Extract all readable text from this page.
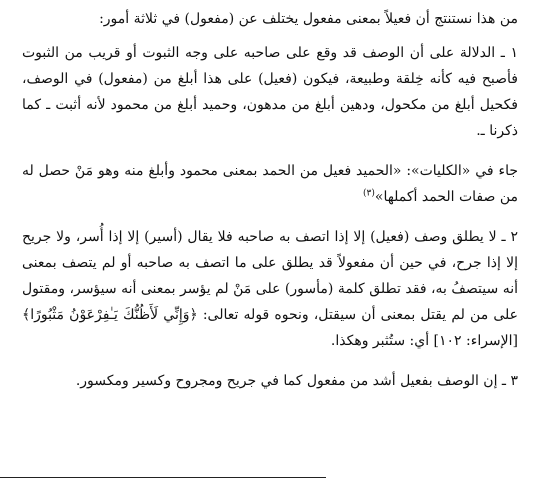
من هذا نستنتج أن فعيلاً بمعنى مفعول يختلف عن (مفعول) في ثلاثة أمور:

١ ـ الدلالة على أن الوصف قد وقع على صاحبه على وجه الثبوت أو قريب من الثبوت فأصبح فيه كأنه خِلقة وطبيعة، فيكون (فعيل) على هذا أبلغ من (مفعول) في الوصف، فكحيل أبلغ من مكحول، ودهين أبلغ من مدهون، وحميد أبلغ من محمود لأنه أثبت ـ كما ذكرنا ـ.

جاء في «الكليات»: «الحميد فعيل من الحمد بمعنى محمود وأبلغ منه وهو مَنْ حصل له من صفات الحمد أكملها»$^{(٣)}$

٢ ـ لا يطلق وصف (فعيل) إلا إذا اتصف به صاحبه فلا يقال (أسير) إلا إذا أُسر، ولا جريح إلا إذا جرح، في حين أن مفعولاً قد يطلق على ما اتصف به صاحبه أو لم يتصف بمعنى أنه سيتصفُ به، فقد تطلق كلمة (مأسور) على مَنْ لم يؤسر بمعنى أنه سيؤسر، ومقتول على من لم يقتل بمعنى أن سيقتل، ونحوه قوله تعالى: ﴿وَإِنِّي لَأَظُنُّكَ يَـٰفِرْعَوْنُ مَثْبُورًا﴾ [الإسراء: ١٠٢] أي: ستُثبر وهكذا.

٣ ـ إن الوصف بفعيل أشد من مفعول كما في جريح ومجروح وكسير ومكسور.
